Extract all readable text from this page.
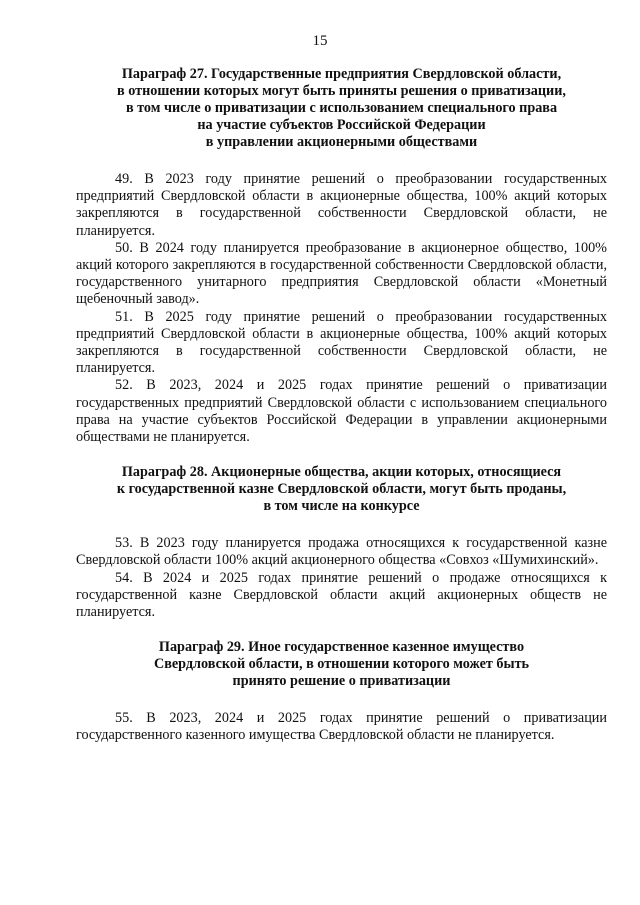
15
Параграф 27. Государственные предприятия Свердловской области,
в отношении которых могут быть приняты решения о приватизации,
в том числе о приватизации с использованием специального права
на участие субъектов Российской Федерации
в управлении акционерными обществами

49. В 2023 году принятие решений о преобразовании государственных предприятий Свердловской области в акционерные общества, 100% акций которых закрепляются в государственной собственности Свердловской области, не планируется.

50. В 2024 году планируется преобразование в акционерное общество, 100% акций которого закрепляются в государственной собственности Свердловской области, государственного унитарного предприятия Свердловской области «Монетный щебеночный завод».

51. В 2025 году принятие решений о преобразовании государственных предприятий Свердловской области в акционерные общества, 100% акций которых закрепляются в государственной собственности Свердловской области, не планируется.

52. В 2023, 2024 и 2025 годах принятие решений о приватизации государственных предприятий Свердловской области с использованием специального права на участие субъектов Российской Федерации в управлении акционерными обществами не планируется.

Параграф 28. Акционерные общества, акции которых, относящиеся
к государственной казне Свердловской области, могут быть проданы,
в том числе на конкурсе

53. В 2023 году планируется продажа относящихся к государственной казне Свердловской области 100% акций акционерного общества «Совхоз «Шумихинский».

54. В 2024 и 2025 годах принятие решений о продаже относящихся к государственной казне Свердловской области акций акционерных обществ не планируется.

Параграф 29. Иное государственное казенное имущество
Свердловской области, в отношении которого может быть
принято решение о приватизации

55. В 2023, 2024 и 2025 годах принятие решений о приватизации государственного казенного имущества Свердловской области не планируется.
